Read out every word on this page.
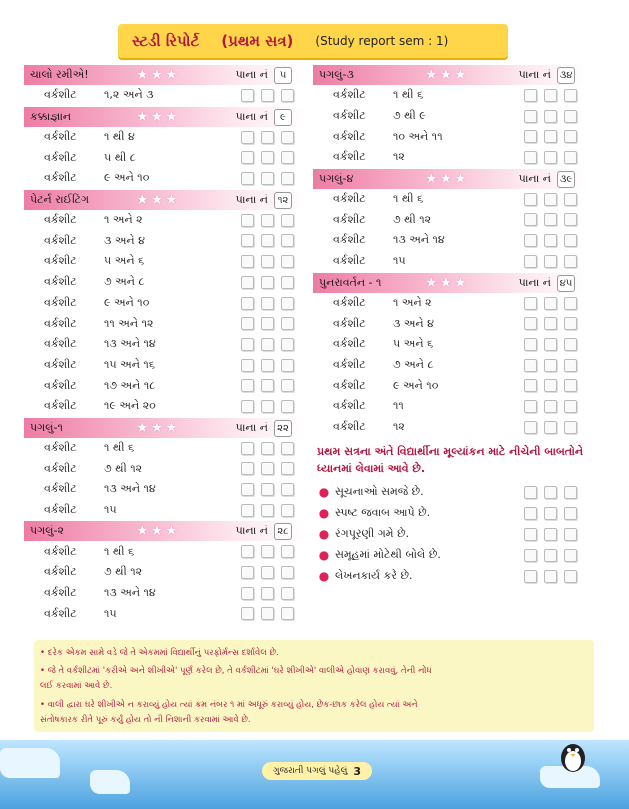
સ્ટડી રિપોર્ટ (પ્રથમ સત્ર) (Study report sem : 1)
ચાલો રમીએ!	★ ★ ★	પાના નં	૫
વર્કશીટ	૧,૨ અને ૩
કક્કાજ્ઞાન	★ ★ ★	પાના નં	૯
વર્કશીટ	૧ થી ૪
વર્કશીટ	૫ થી ૮
વર્કશીટ	૯ અને ૧૦
પેટર્ન રાઈટિંગ	★ ★ ★	પાના નં ૧૨
વર્કશીટ	૧ અને ૨
વર્કશીટ	૩ અને ૪
વર્કશીટ	૫ અને ૬
વર્કશીટ	૭ અને ૮
વર્કશીટ	૯ અને ૧૦
વર્કશીટ	૧૧ અને ૧૨
વર્કશીટ	૧૩ અને ૧૪
વર્કશીટ	૧૫ અને ૧૬
વર્કશીટ	૧૭ અને ૧૮
વર્કશીટ	૧૯ અને ૨૦
પગલું-૧	★ ★ ★	પાના નં ૨૨
વર્કશીટ	૧ થી ૬
વર્કશીટ	૭ થી ૧૨
વર્કશીટ	૧૩ અને ૧૪
વર્કશીટ	૧૫
પગલું-૨	★ ★ ★	પાના નં ૨૮
વર્કશીટ	૧ થી ૬
વર્કશીટ	૭ થી ૧૨
વર્કશીટ	૧૩ અને ૧૪
વર્કશીટ	૧૫
પગલું-૩	★ ★ ★	પાના નં ૩૪
વર્કશીટ	૧ થી ૬
વર્કશીટ	૭ થી ૯
વર્કશીટ	૧૦ અને ૧૧
વર્કશીટ	૧૨
પગલું-૪	★ ★ ★	પાના નં ૩૯
વર્કશીટ	૧ થી ૬
વર્કશીટ	૭ થી ૧૨
વર્કશીટ	૧૩ અને ૧૪
વર્કશીટ	૧૫
પુનરાવર્તન - ૧	★ ★ ★	પાના નં ૪૫
વર્કશીટ	૧ અને ૨
વર્કશીટ	૩ અને ૪
વર્કશીટ	૫ અને ૬
વર્કશીટ	૭ અને ૮
વર્કશીટ	૯ અને ૧૦
વર્કશીટ	૧૧
વર્કશીટ	૧૨
પ્રથમ સત્રના અંતે વિદ્યાર્થીના મૂલ્યાંકન માટે નીચેની બાબતોને ધ્યાનમાં લેવામાં આવે છે.
● સૂચનાઓ સમજે છે.
● સ્પષ્ટ જવાબ આપે છે.
● રંગપૂરણી ગમે છે.
● સમૂહમાં મોટેથી બોલે છે.
● લેખનકાર્ય કરે છે.
• દરેક એકમ સામે વડે જે તે એકમમાં વિદ્યાર્થીનું પરફોર્મન્સ દર્શાવેલ છે.
• જે તે વર્કશીટમાં 'કરીએ અને શીખીએ' પૂર્ણ કરેલ છે, તે વર્કશીટમાં 'ઘરે શીખીએ' વાલીએ હોવાણ કરાવવું, તેની નોંધ
લઈ કરવામાં આવે છે.
• વાલી દ્વારા ઘરે શીખીએ ન કરાવ્યું હોય ત્યાં ક્રમ નંબર ૧ માં અધૂરું કરાવ્યું હોય, છેક-છાક કરેલ હોય ત્યાં અને
સંતોષકારક રીતે પૂરું કર્યું હોય તો ની નિશાની કરવામાં આવે છે.
ગુજરાતી પગલું પહેલું 3
